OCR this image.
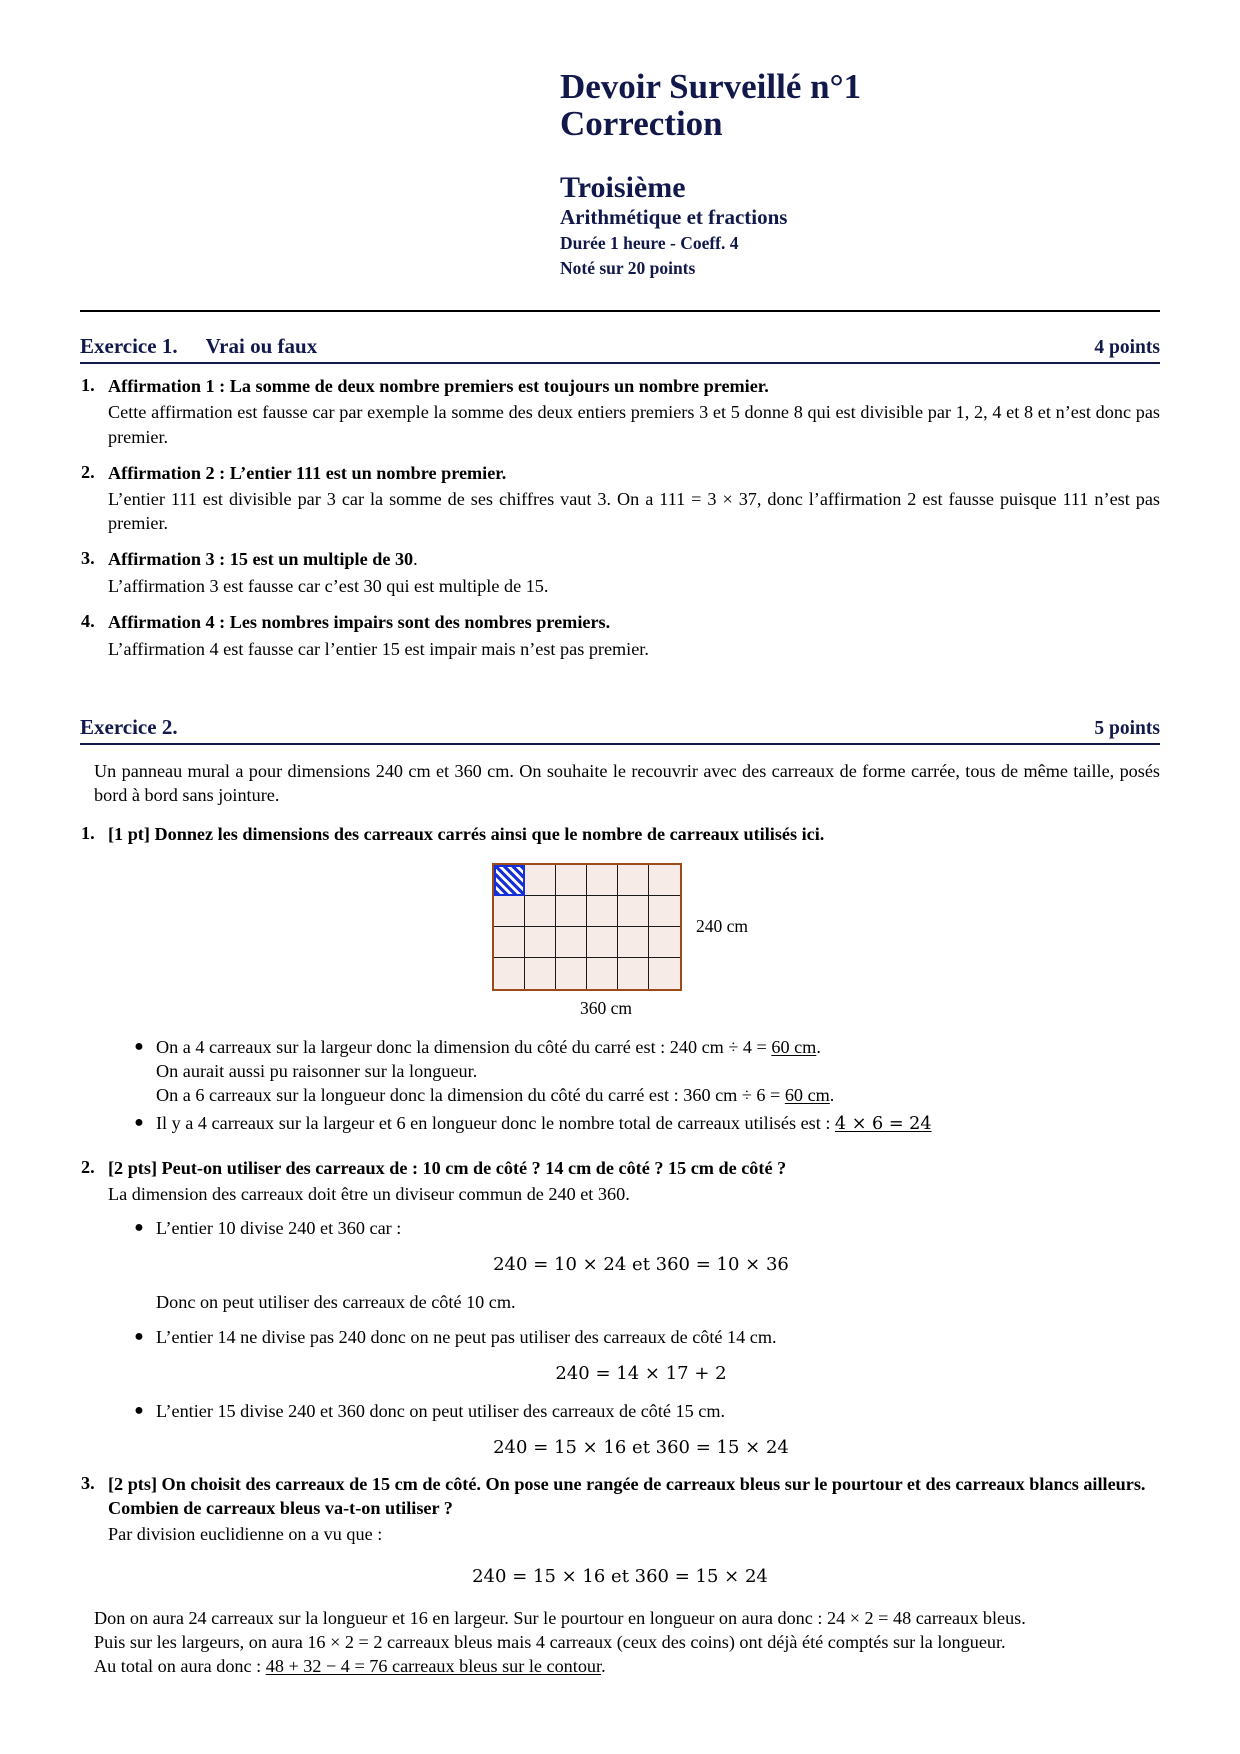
Devoir Surveillé n°1
Correction
Troisième
Arithmétique et fractions
Durée 1 heure - Coeff. 4
Noté sur 20 points
Exercice 1. Vrai ou faux	4 points
1. Affirmation 1 : La somme de deux nombre premiers est toujours un nombre premier.
Cette affirmation est fausse car par exemple la somme des deux entiers premiers 3 et 5 donne 8 qui est divisible par 1, 2, 4 et 8 et n’est donc pas premier.
2. Affirmation 2 : L’entier 111 est un nombre premier.
L’entier 111 est divisible par 3 car la somme de ses chiffres vaut 3. On a 111 = 3 × 37, donc l’affirmation 2 est fausse puisque 111 n’est pas premier.
3. Affirmation 3 : 15 est un multiple de 30.
L’affirmation 3 est fausse car c’est 30 qui est multiple de 15.
4. Affirmation 4 : Les nombres impairs sont des nombres premiers.
L’affirmation 4 est fausse car l’entier 15 est impair mais n’est pas premier.
Exercice 2.	5 points

Un panneau mural a pour dimensions 240 cm et 360 cm. On souhaite le recouvrir avec des carreaux de forme carrée, tous de même taille, posés bord à bord sans jointure.

1. [1 pt] Donnez les dimensions des carreaux carrés ainsi que le nombre de carreaux utilisés ici.
240 cm
360 cm
● On a 4 carreaux sur la largeur donc la dimension du côté du carré est : 240 cm ÷ 4 = 60 cm.
On aurait aussi pu raisonner sur la longueur.
On a 6 carreaux sur la longueur donc la dimension du côté du carré est : 360 cm ÷ 6 = 60 cm.
● Il y a 4 carreaux sur la largeur et 6 en longueur donc le nombre total de carreaux utilisés est : 4 × 6 = 24
2. [2 pts] Peut-on utiliser des carreaux de : 10 cm de côté ? 14 cm de côté ? 15 cm de côté ?
La dimension des carreaux doit être un diviseur commun de 240 et 360.
● L’entier 10 divise 240 et 360 car :
240 = 10 × 24 et 360 = 10 × 36
Donc on peut utiliser des carreaux de côté 10 cm.
● L’entier 14 ne divise pas 240 donc on ne peut pas utiliser des carreaux de côté 14 cm.
240 = 14 × 17 + 2
● L’entier 15 divise 240 et 360 donc on peut utiliser des carreaux de côté 15 cm.
240 = 15 × 16 et 360 = 15 × 24
3. [2 pts] On choisit des carreaux de 15 cm de côté. On pose une rangée de carreaux bleus sur le pourtour et des carreaux blancs ailleurs. Combien de carreaux bleus va-t-on utiliser ?
Par division euclidienne on a vu que :
240 = 15 × 16 et 360 = 15 × 24
Don on aura 24 carreaux sur la longueur et 16 en largeur. Sur le pourtour en longueur on aura donc : 24 × 2 = 48 carreaux bleus.
Puis sur les largeurs, on aura 16 × 2 = 2 carreaux bleus mais 4 carreaux (ceux des coins) ont déjà été comptés sur la longueur.
Au total on aura donc : 48 + 32 − 4 = 76 carreaux bleus sur le contour.
